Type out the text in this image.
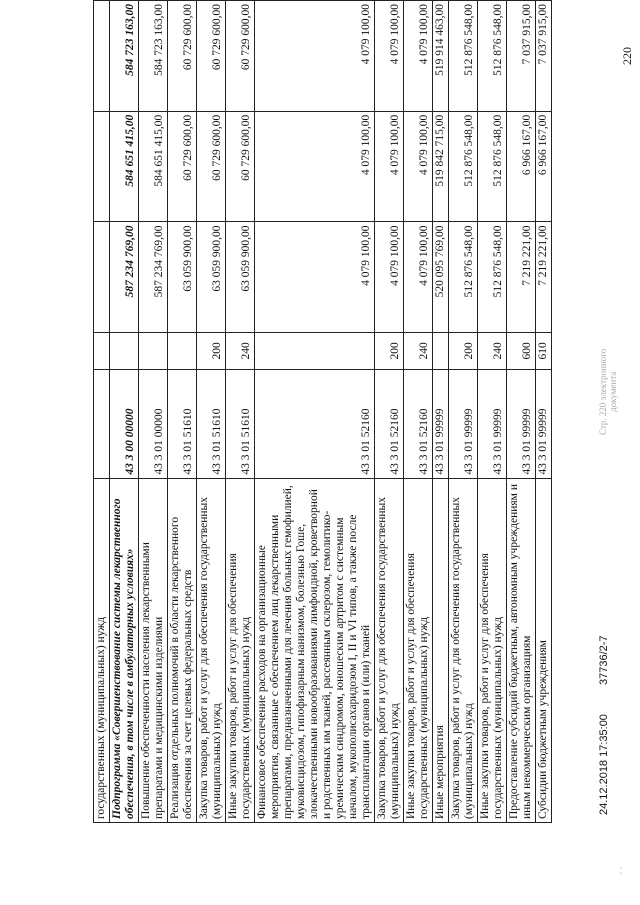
220
государственных (муниципальных) нужд					
Подпрограмма «Совершенствование системы лекарственного обеспечения, в том числе в амбулаторных условиях»	43 3 00 00000		587 234 769,00	584 651 415,00	584 723 163,00
Повышение обеспеченности населения лекарственными препаратами и медицинскими изделиями	43 3 01 00000		587 234 769,00	584 651 415,00	584 723 163,00
Реализация отдельных полномочий в области лекарственного обеспечения за счет целевых федеральных средств	43 3 01 51610		63 059 900,00	60 729 600,00	60 729 600,00
Закупка товаров, работ и услуг для обеспечения государственных (муниципальных) нужд	43 3 01 51610	200	63 059 900,00	60 729 600,00	60 729 600,00
Иные закупки товаров, работ и услуг для обеспечения государственных (муниципальных) нужд	43 3 01 51610	240	63 059 900,00	60 729 600,00	60 729 600,00
Финансовое обеспечение расходов на организационные мероприятия, связанные с обеспечением лиц лекарственными препаратами, предназначенными для лечения больных гемофилией, муковисцидозом, гипофизарным нанизмом, болезнью Гоше, злокачественными новообразованиями лимфоидной, кроветворной и родственных им тканей, рассеянным склерозом, гемолитико-уремическим синдромом, юношеским артритом с системным началом, мукополисахаридозом I, II и VI типов, а также после трансплантации органов и (или) тканей	43 3 01 52160		4 079 100,00	4 079 100,00	4 079 100,00
Закупка товаров, работ и услуг для обеспечения государственных (муниципальных) нужд	43 3 01 52160	200	4 079 100,00	4 079 100,00	4 079 100,00
Иные закупки товаров, работ и услуг для обеспечения государственных (муниципальных) нужд	43 3 01 52160	240	4 079 100,00	4 079 100,00	4 079 100,00
Иные мероприятия	43 3 01 99999		520 095 769,00	519 842 715,00	519 914 463,00
Закупка товаров, работ и услуг для обеспечения государственных (муниципальных) нужд	43 3 01 99999	200	512 876 548,00	512 876 548,00	512 876 548,00
Иные закупки товаров, работ и услуг для обеспечения государственных (муниципальных) нужд	43 3 01 99999	240	512 876 548,00	512 876 548,00	512 876 548,00
Предоставление субсидий бюджетным, автономным учреждениям и иным некоммерческим организациям	43 3 01 99999	600	7 219 221,00	6 966 167,00	7 037 915,00
Субсидии бюджетным учреждениям	43 3 01 99999	610	7 219 221,00	6 966 167,00	7 037 915,00
24.12.2018 17:35:00 37736/2-7
Стр. 220 электронного документа
- -
